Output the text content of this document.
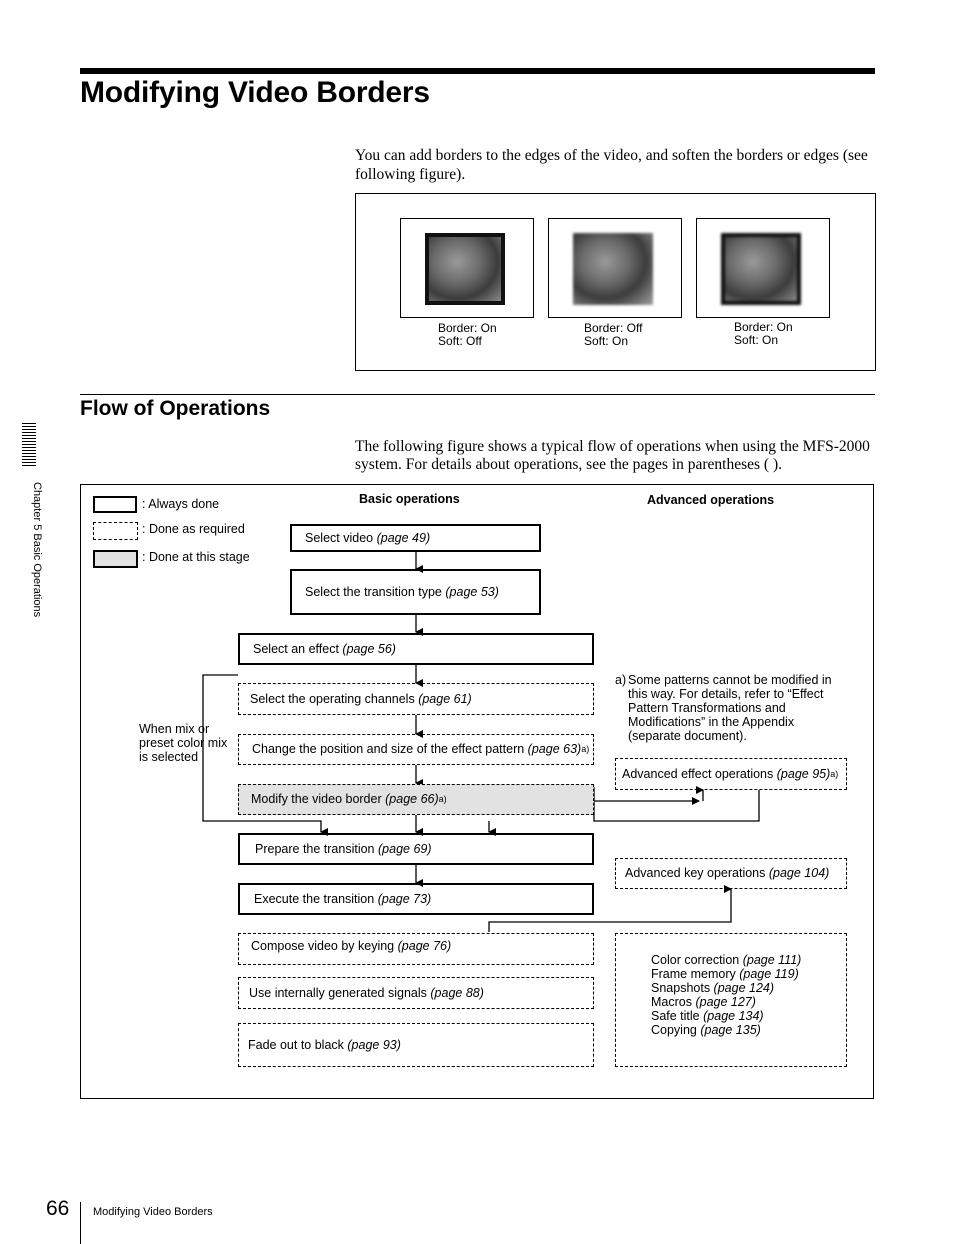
Modifying Video Borders
You can add borders to the edges of the video, and soften the borders or edges (see following figure).
Border: On
Soft: Off
Border: Off
Soft: On
Border: On
Soft: On
Flow of Operations
The following figure shows a typical flow of operations when using the MFS-2000 system. For details about operations, see the pages in parentheses ( ).
Chapter 5 Basic Operations	: Always done
: Done as required
: Done at this stage
Basic operations	Advanced operations
Select video
(page 49)
Select the transition type
(page 53)
Select an effect
(page 56)
Select the operating channels
(page 61)
Change the position and size of the effect pattern
(page 63) a)
Modify the video border
(page 66) a)
Prepare the transition
(page 69)
Execute the transition
(page 73)
Compose video by keying
(page 76)
Use internally generated signals
(page 88)
Fade out to black
(page 93)
When mix or
preset color mix
is selected
a) Some patterns cannot be modified in
this way. For details, refer to “Effect
Pattern Transformations and
Modifications” in the Appendix
(separate document).
Advanced effect operations
(page 95) a)
Advanced key operations
(page 104)
Color correction (page 111)
Frame memory (page 119)
Snapshots (page 124)
Macros (page 127)
Safe title (page 134)
Copying (page 135)
66 Modifying Video Borders
